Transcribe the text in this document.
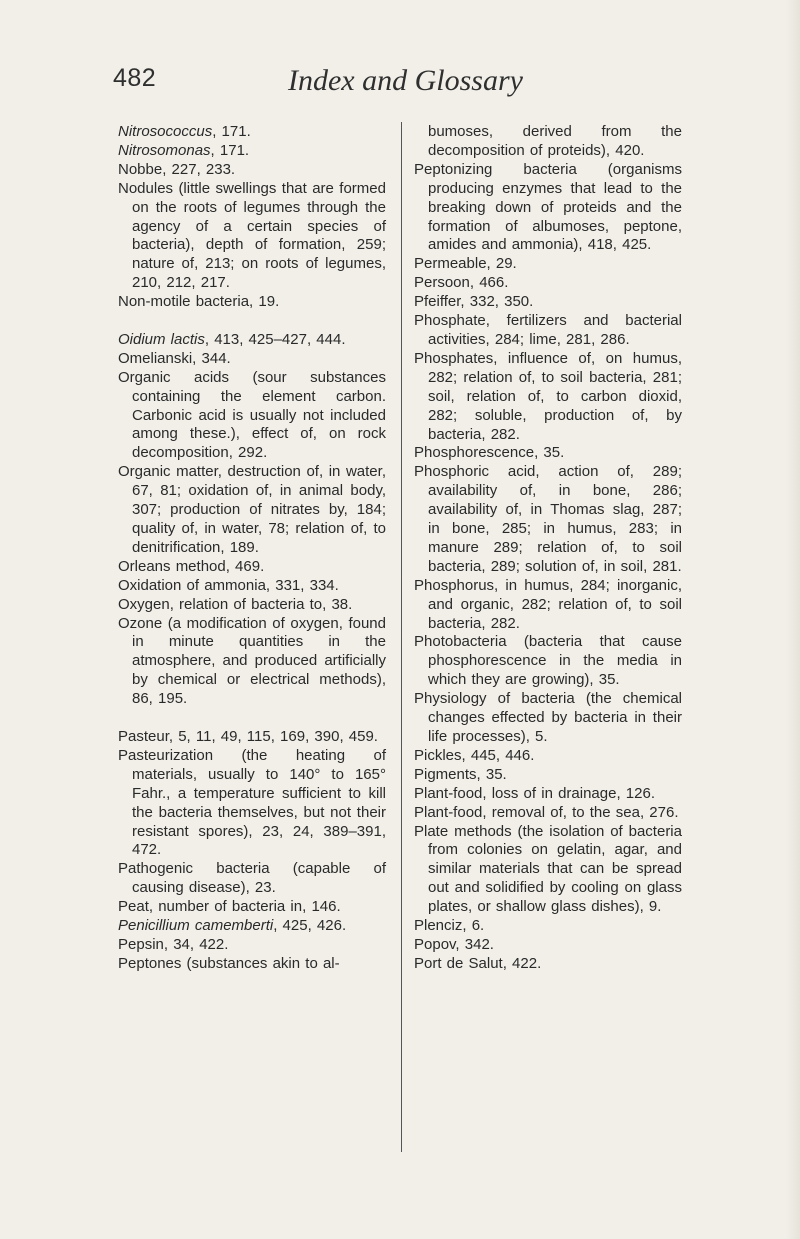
482	Index and Glossary

Nitrosococcus, 171.

Nitrosomonas, 171.

Nobbe, 227, 233.

Nodules (little swellings that are formed on the roots of legumes through the agency of a certain species of bacteria), depth of formation, 259; nature of, 213; on roots of legumes, 210, 212, 217.

Non-motile bacteria, 19.

Oidium lactis, 413, 425–427, 444.

Omelianski, 344.

Organic acids (sour substances containing the element carbon. Carbonic acid is usually not included among these.), effect of, on rock decomposition, 292.

Organic matter, destruction of, in water, 67, 81; oxidation of, in animal body, 307; production of nitrates by, 184; quality of, in water, 78; relation of, to denitrification, 189.

Orleans method, 469.

Oxidation of ammonia, 331, 334.

Oxygen, relation of bacteria to, 38.

Ozone (a modification of oxygen, found in minute quantities in the atmosphere, and produced artificially by chemical or electrical methods), 86, 195.

Pasteur, 5, 11, 49, 115, 169, 390, 459.

Pasteurization (the heating of materials, usually to 140° to 165° Fahr., a temperature sufficient to kill the bacteria themselves, but not their resistant spores), 23, 24, 389–391, 472.

Pathogenic bacteria (capable of causing disease), 23.

Peat, number of bacteria in, 146.

Penicillium camemberti, 425, 426.

Pepsin, 34, 422.

Peptones (substances akin to al-

bumoses, derived from the decomposition of proteids), 420.

Peptonizing bacteria (organisms producing enzymes that lead to the breaking down of proteids and the formation of albumoses, peptone, amides and ammonia), 418, 425.

Permeable, 29.

Persoon, 466.

Pfeiffer, 332, 350.

Phosphate, fertilizers and bacterial activities, 284; lime, 281, 286.

Phosphates, influence of, on humus, 282; relation of, to soil bacteria, 281; soil, relation of, to carbon dioxid, 282; soluble, production of, by bacteria, 282.

Phosphorescence, 35.

Phosphoric acid, action of, 289; availability of, in bone, 286; availability of, in Thomas slag, 287; in bone, 285; in humus, 283; in manure 289; relation of, to soil bacteria, 289; solution of, in soil, 281.

Phosphorus, in humus, 284; inorganic, and organic, 282; relation of, to soil bacteria, 282.

Photobacteria (bacteria that cause phosphorescence in the media in which they are growing), 35.

Physiology of bacteria (the chemical changes effected by bacteria in their life processes), 5.

Pickles, 445, 446.

Pigments, 35.

Plant-food, loss of in drainage, 126.

Plant-food, removal of, to the sea, 276.

Plate methods (the isolation of bacteria from colonies on gelatin, agar, and similar materials that can be spread out and solidified by cooling on glass plates, or shallow glass dishes), 9.

Plenciz, 6.

Popov, 342.

Port de Salut, 422.
